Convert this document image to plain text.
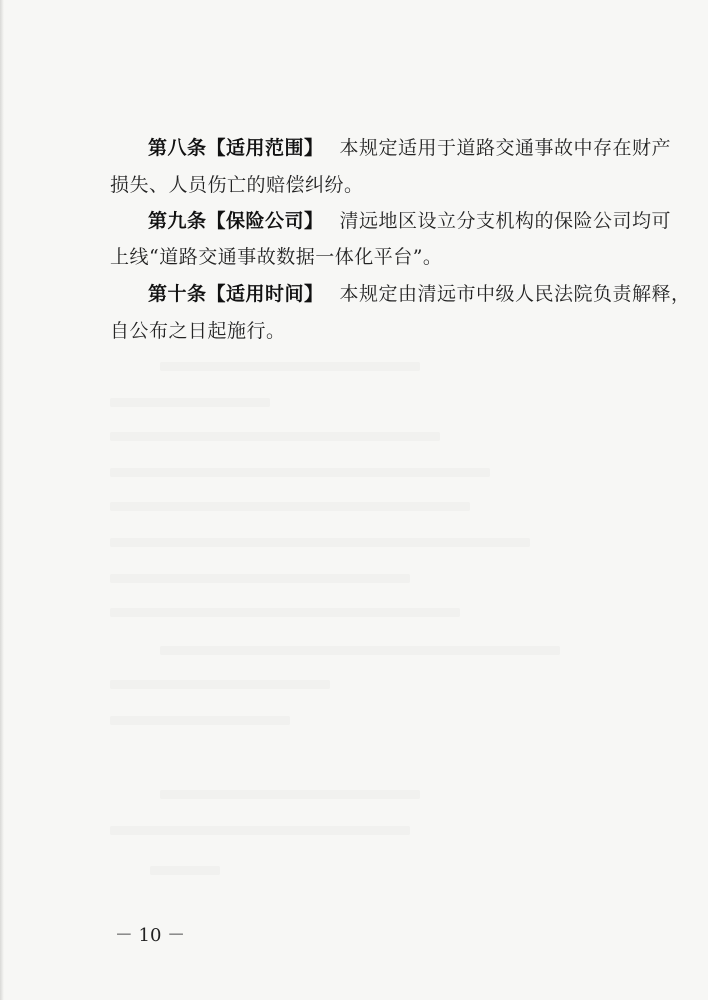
第八条【适用范围】 本规定适用于道路交通事故中存在财产
损失、人员伤亡的赔偿纠纷。
第九条【保险公司】 清远地区设立分支机构的保险公司均可
上线“道路交通事故数据一体化平台”。
第十条【适用时间】 本规定由清远市中级人民法院负责解释，
自公布之日起施行。
－ 10 －
